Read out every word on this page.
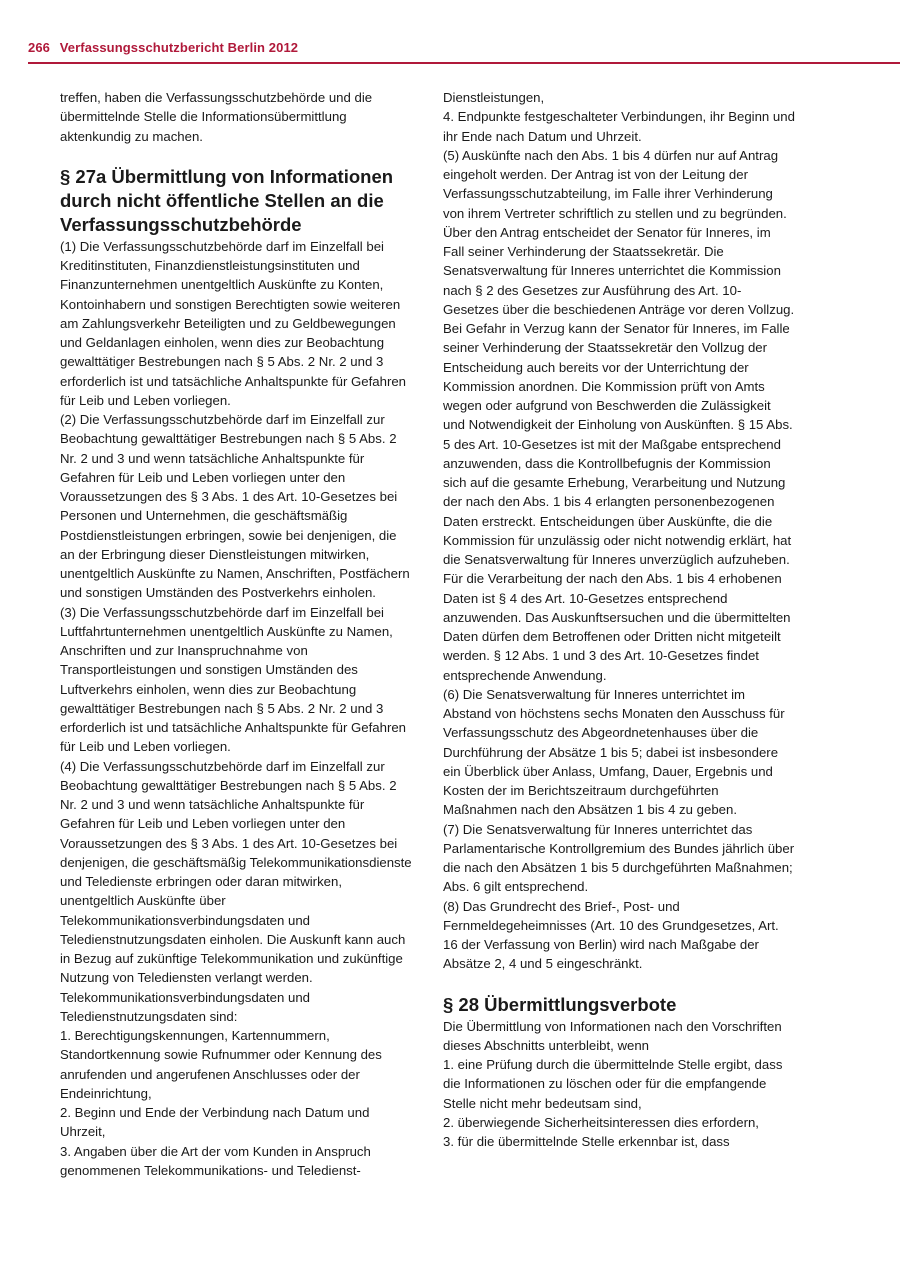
266 Verfassungsschutzbericht Berlin 2012

treffen, haben die Verfassungsschutzbehörde und die übermittelnde Stelle die Informationsübermittlung aktenkundig zu machen.

§ 27a Übermittlung von Informationen durch nicht öffentliche Stellen an die Verfassungsschutzbehörde

(1) Die Verfassungsschutzbehörde darf im Einzelfall bei Kreditinstituten, Finanzdienstleistungsinstituten und Finanzunternehmen unentgeltlich Auskünfte zu Konten, Kontoinhabern und sonstigen Berechtigten sowie weiteren am Zahlungsverkehr Beteiligten und zu Geldbewegungen und Geldanlagen einholen, wenn dies zur Beobachtung gewalttätiger Bestrebungen nach § 5 Abs. 2 Nr. 2 und 3 erforderlich ist und tatsächliche Anhaltspunkte für Gefahren für Leib und Leben vorliegen.

(2) Die Verfassungsschutzbehörde darf im Einzelfall zur Beobachtung gewalttätiger Bestrebungen nach § 5 Abs. 2 Nr. 2 und 3 und wenn tatsächliche Anhaltspunkte für Gefahren für Leib und Leben vorliegen unter den Voraussetzungen des § 3 Abs. 1 des Art. 10-Gesetzes bei Personen und Unternehmen, die geschäftsmäßig Postdienstleistungen erbringen, sowie bei denjenigen, die an der Erbringung dieser Dienstleistungen mitwirken, unentgeltlich Auskünfte zu Namen, Anschriften, Postfächern und sonstigen Umständen des Postverkehrs einholen.

(3) Die Verfassungsschutzbehörde darf im Einzelfall bei Luftfahrtunternehmen unentgeltlich Auskünfte zu Namen, Anschriften und zur Inanspruchnahme von Transportleistungen und sonstigen Umständen des Luftverkehrs einholen, wenn dies zur Beobachtung gewalttätiger Bestrebungen nach § 5 Abs. 2 Nr. 2 und 3 erforderlich ist und tatsächliche Anhaltspunkte für Gefahren für Leib und Leben vorliegen.

(4) Die Verfassungsschutzbehörde darf im Einzelfall zur Beobachtung gewalttätiger Bestrebungen nach § 5 Abs. 2 Nr. 2 und 3 und wenn tatsächliche Anhaltspunkte für Gefahren für Leib und Leben vorliegen unter den Voraussetzungen des § 3 Abs. 1 des Art. 10-Gesetzes bei denjenigen, die geschäftsmäßig Telekommunikationsdienste und Teledienste erbringen oder daran mitwirken, unentgeltlich Auskünfte über Telekommunikationsverbindungsdaten und Teledienstnutzungsdaten einholen. Die Auskunft kann auch in Bezug auf zukünftige Telekommunikation und zukünftige Nutzung von Telediensten verlangt werden. Telekommunikationsverbindungsdaten und Teledienstnutzungsdaten sind:

1. Berechtigungskennungen, Kartennummern, Standortkennung sowie Rufnummer oder Kennung des anrufenden und angerufenen Anschlusses oder der Endeinrichtung,

2. Beginn und Ende der Verbindung nach Datum und Uhrzeit,

3. Angaben über die Art der vom Kunden in Anspruch genommenen Telekommunikations- und Teledienst-

Dienstleistungen,

4. Endpunkte festgeschalteter Verbindungen, ihr Beginn und ihr Ende nach Datum und Uhrzeit.

(5) Auskünfte nach den Abs. 1 bis 4 dürfen nur auf Antrag eingeholt werden. Der Antrag ist von der Leitung der Verfassungsschutzabteilung, im Falle ihrer Verhinderung von ihrem Vertreter schriftlich zu stellen und zu begründen. Über den Antrag entscheidet der Senator für Inneres, im Fall seiner Verhinderung der Staatssekretär. Die Senatsverwaltung für Inneres unterrichtet die Kommission nach § 2 des Gesetzes zur Ausführung des Art. 10-Gesetzes über die beschiedenen Anträge vor deren Vollzug. Bei Gefahr in Verzug kann der Senator für Inneres, im Falle seiner Verhinderung der Staatssekretär den Vollzug der Entscheidung auch bereits vor der Unterrichtung der Kommission anordnen. Die Kommission prüft von Amts wegen oder aufgrund von Beschwerden die Zulässigkeit und Notwendigkeit der Einholung von Auskünften. § 15 Abs. 5 des Art. 10-Gesetzes ist mit der Maßgabe entsprechend anzuwenden, dass die Kontrollbefugnis der Kommission sich auf die gesamte Erhebung, Verarbeitung und Nutzung der nach den Abs. 1 bis 4 erlangten personenbezogenen Daten erstreckt. Entscheidungen über Auskünfte, die die Kommission für unzulässig oder nicht notwendig erklärt, hat die Senatsverwaltung für Inneres unverzüglich aufzuheben. Für die Verarbeitung der nach den Abs. 1 bis 4 erhobenen Daten ist § 4 des Art. 10-Gesetzes entsprechend anzuwenden. Das Auskunftsersuchen und die übermittelten Daten dürfen dem Betroffenen oder Dritten nicht mitgeteilt werden. § 12 Abs. 1 und 3 des Art. 10-Gesetzes findet entsprechende Anwendung.

(6) Die Senatsverwaltung für Inneres unterrichtet im Abstand von höchstens sechs Monaten den Ausschuss für Verfassungsschutz des Abgeordnetenhauses über die Durchführung der Absätze 1 bis 5; dabei ist insbesondere ein Überblick über Anlass, Umfang, Dauer, Ergebnis und Kosten der im Berichtszeitraum durchgeführten Maßnahmen nach den Absätzen 1 bis 4 zu geben.

(7) Die Senatsverwaltung für Inneres unterrichtet das Parlamentarische Kontrollgremium des Bundes jährlich über die nach den Absätzen 1 bis 5 durchgeführten Maßnahmen; Abs. 6 gilt entsprechend.

(8) Das Grundrecht des Brief-, Post- und Fernmeldegeheimnisses (Art. 10 des Grundgesetzes, Art. 16 der Verfassung von Berlin) wird nach Maßgabe der Absätze 2, 4 und 5 eingeschränkt.

§ 28 Übermittlungsverbote

Die Übermittlung von Informationen nach den Vorschriften dieses Abschnitts unterbleibt, wenn

1. eine Prüfung durch die übermittelnde Stelle ergibt, dass die Informationen zu löschen oder für die empfangende Stelle nicht mehr bedeutsam sind,

2. überwiegende Sicherheitsinteressen dies erfordern,

3. für die übermittelnde Stelle erkennbar ist, dass
